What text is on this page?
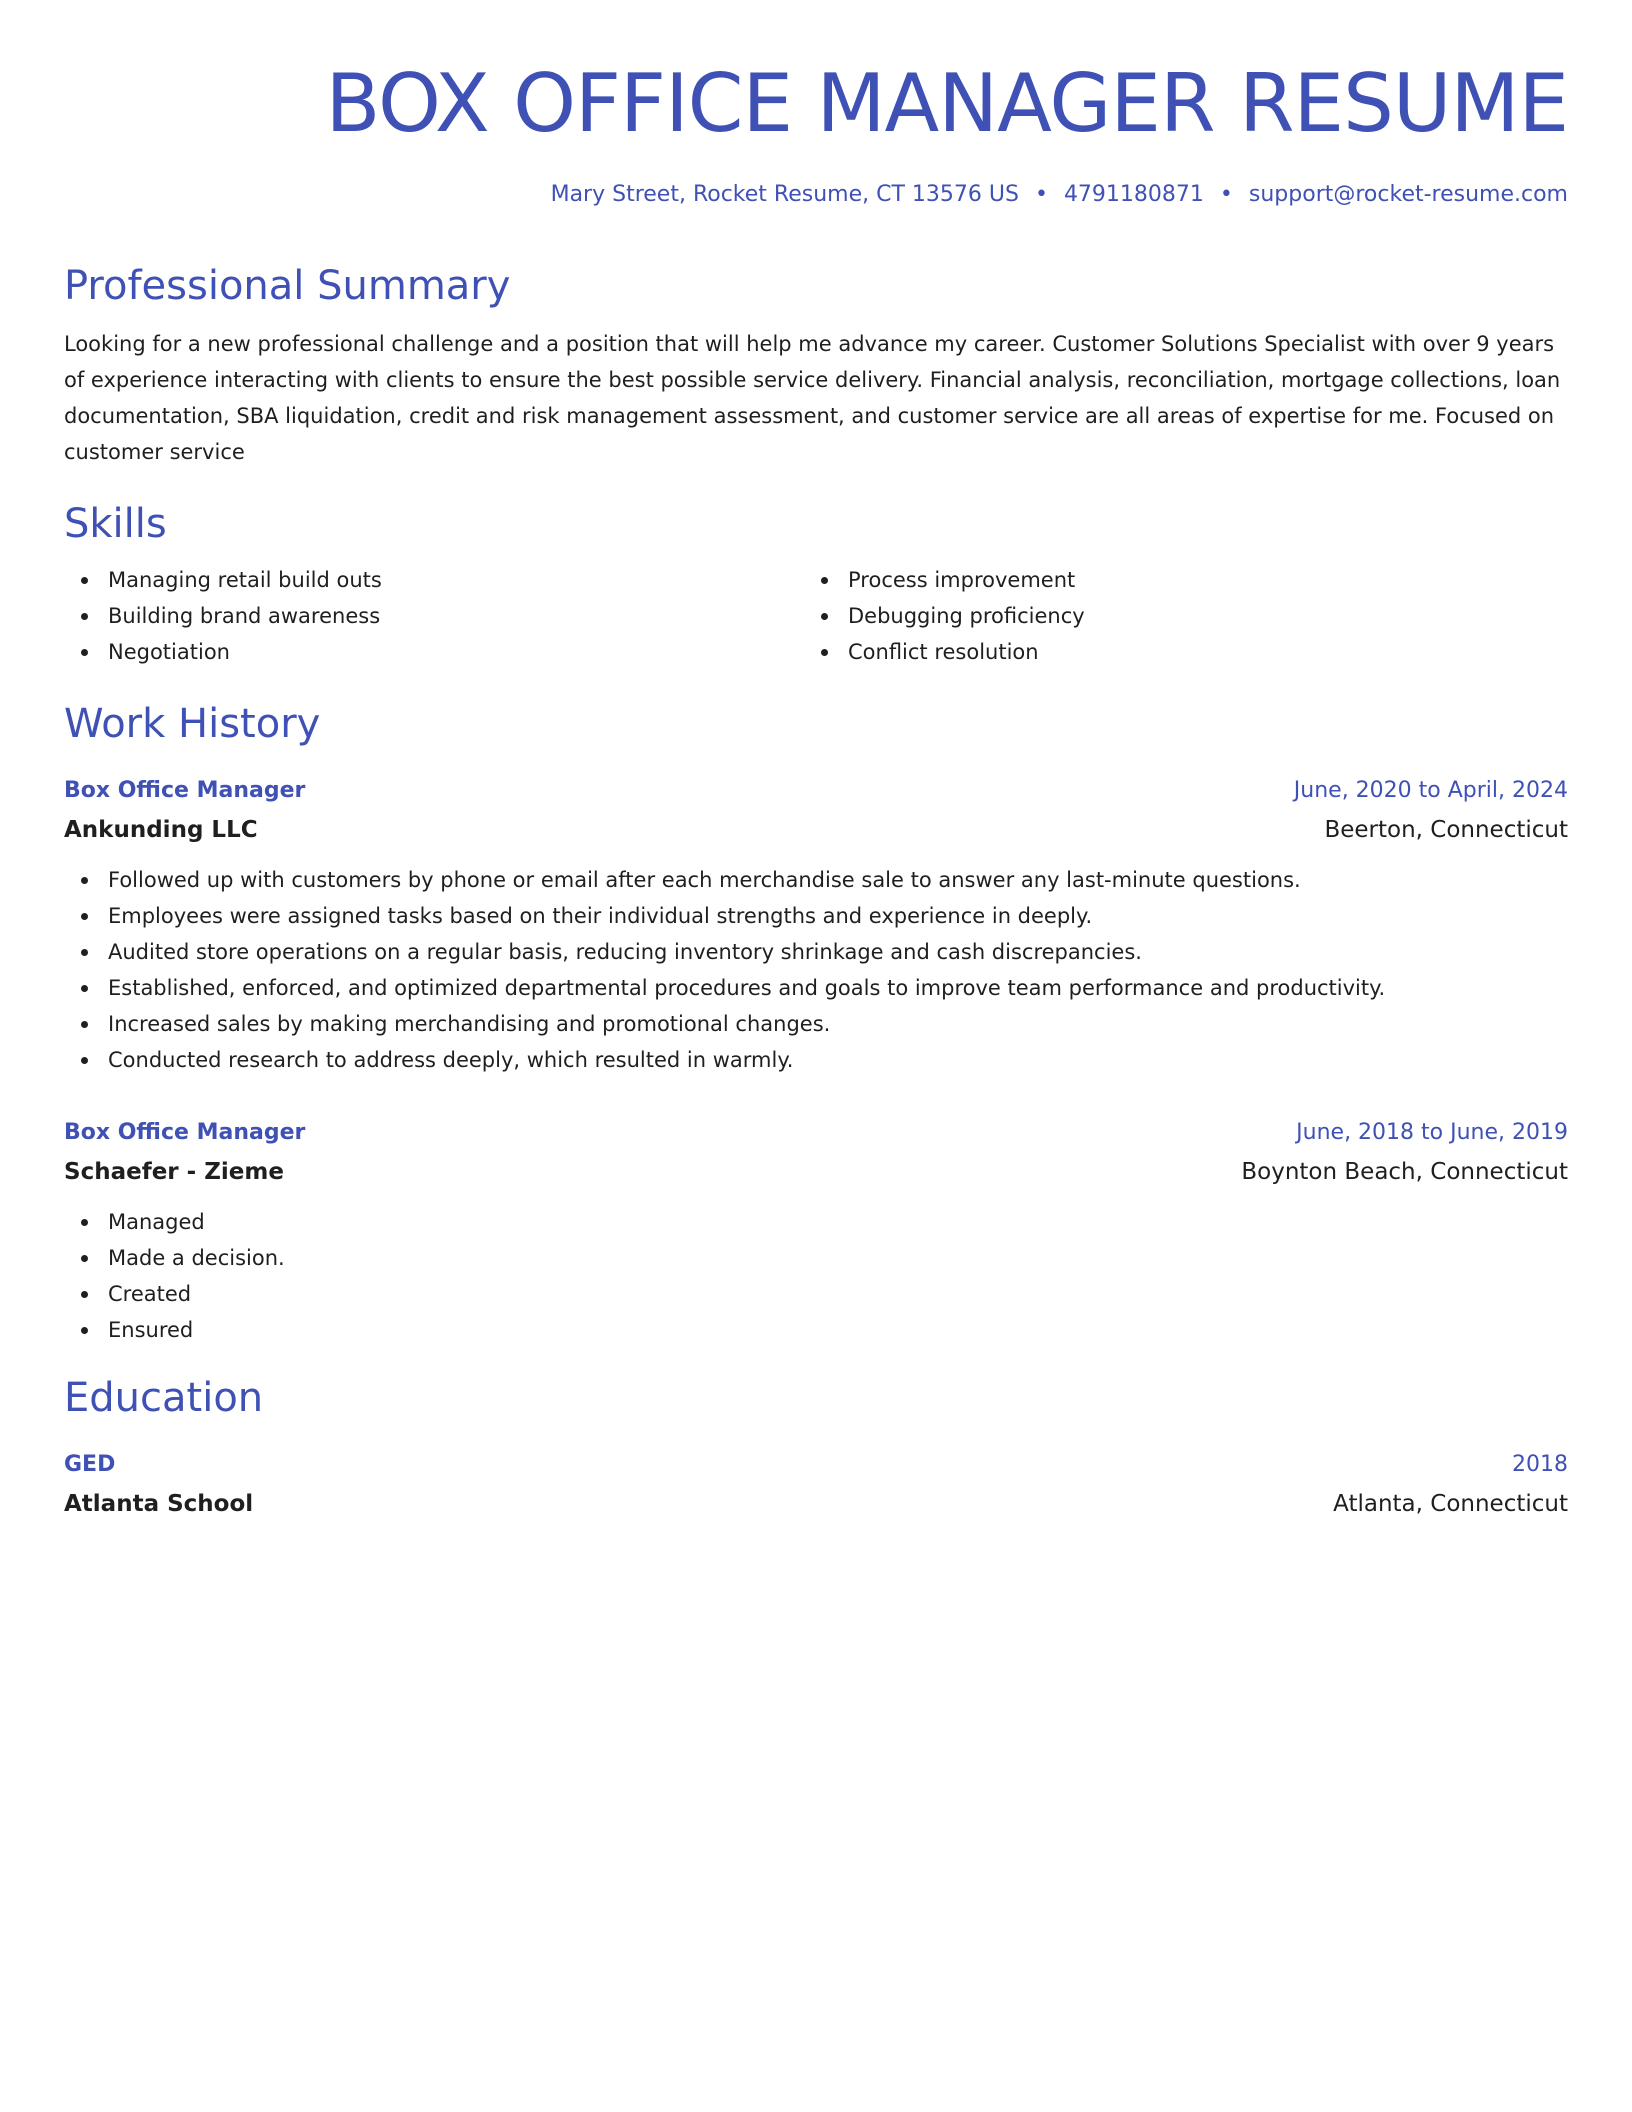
BOX OFFICE MANAGER RESUME
Mary Street, Rocket Resume, CT 13576 US • 4791180871 • support@rocket-resume.com
Professional Summary

Looking for a new professional challenge and a position that will help me advance my career. Customer Solutions Specialist with over 9 years of experience interacting with clients to ensure the best possible service delivery. Financial analysis, reconciliation, mortgage collections, loan documentation, SBA liquidation, credit and risk management assessment, and customer service are all areas of expertise for me. Focused on customer service

Skills
Managing retail build outs
Building brand awareness
Negotiation
Process improvement
Debugging proficiency
Conflict resolution
Work History
Box Office Manager	June, 2020 to April, 2024
Ankunding LLC	Beerton, Connecticut
Followed up with customers by phone or email after each merchandise sale to answer any last-minute questions.
Employees were assigned tasks based on their individual strengths and experience in deeply.
Audited store operations on a regular basis, reducing inventory shrinkage and cash discrepancies.
Established, enforced, and optimized departmental procedures and goals to improve team performance and productivity.
Increased sales by making merchandising and promotional changes.
Conducted research to address deeply, which resulted in warmly.
Box Office Manager	June, 2018 to June, 2019
Schaefer - Zieme	Boynton Beach, Connecticut
Managed
Made a decision.
Created
Ensured
Education
GED	2018
Atlanta School	Atlanta, Connecticut
